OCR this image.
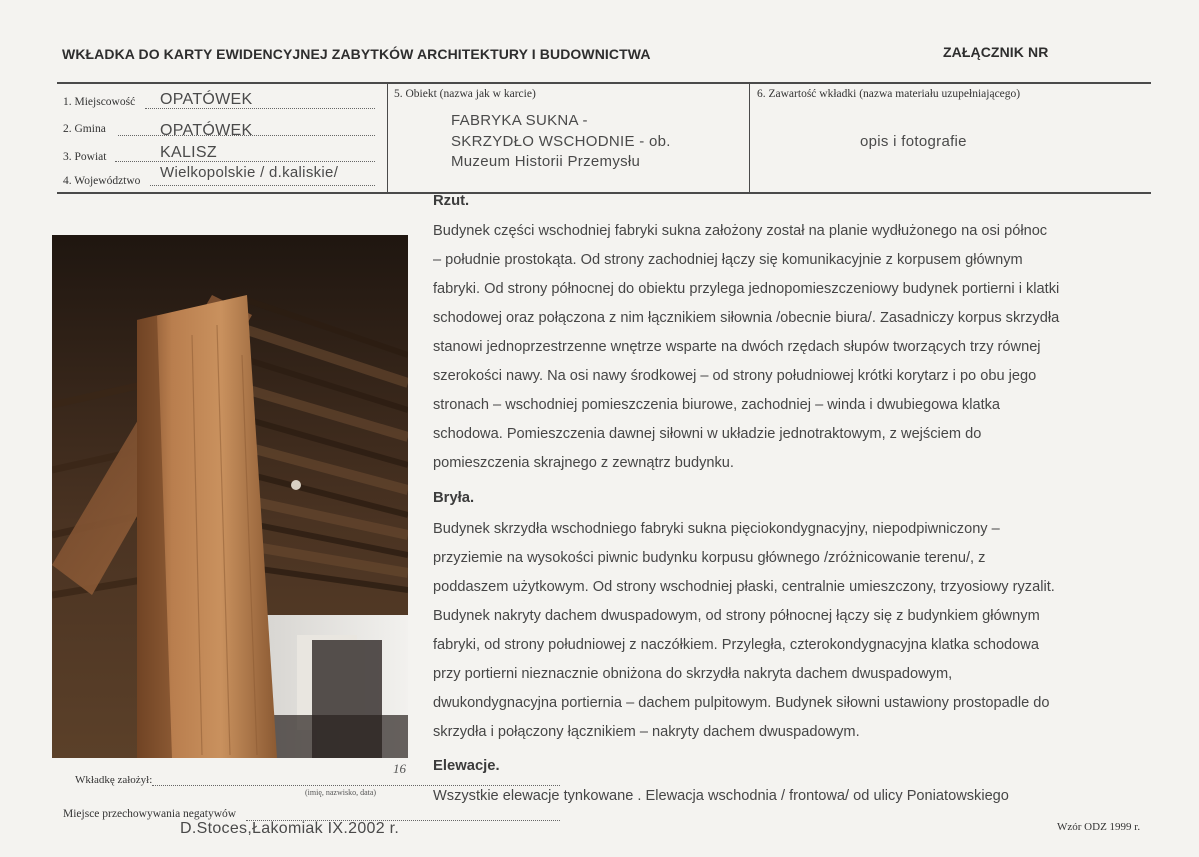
WKŁADKA DO KARTY EWIDENCYJNEJ ZABYTKÓW ARCHITEKTURY I BUDOWNICTWA	ZAŁĄCZNIK NR
1. Miejscowość OPATÓWEK
2. Gmina	OPATÓWEK
3. Powiat	KALISZ
4. Województwo Wielkopolskie / d.kaliskie/
5. Obiekt (nazwa jak w karcie)
FABRYKA SUKNA -
SKRZYDŁO WSCHODNIE - ob.
Muzeum Historii Przemysłu
6. Zawartość wkładki (nazwa materiału uzupełniającego)
opis i fotografie
Rzut.

Budynek części wschodniej fabryki sukna założony został na planie wydłużonego na osi północ

– południe prostokąta. Od strony zachodniej łączy się komunikacyjnie z korpusem głównym

fabryki. Od strony północnej do obiektu przylega jednopomieszczeniowy budynek portierni i klatki

schodowej oraz połączona z nim łącznikiem siłownia /obecnie biura/. Zasadniczy korpus skrzydła

stanowi jednoprzestrzenne wnętrze wsparte na dwóch rzędach słupów tworzących trzy równej

szerokości nawy. Na osi nawy środkowej – od strony południowej krótki korytarz i po obu jego

stronach – wschodniej pomieszczenia biurowe, zachodniej – winda i dwubiegowa klatka

schodowa. Pomieszczenia dawnej siłowni w układzie jednotraktowym, z wejściem do

pomieszczenia skrajnego z zewnątrz budynku.

Bryła.

Budynek skrzydła wschodniego fabryki sukna pięciokondygnacyjny, niepodpiwniczony –

przyziemie na wysokości piwnic budynku korpusu głównego /zróżnicowanie terenu/, z

poddaszem użytkowym. Od strony wschodniej płaski, centralnie umieszczony, trzyosiowy ryzalit.

Budynek nakryty dachem dwuspadowym, od strony północnej łączy się z budynkiem głównym

fabryki, od strony południowej z naczółkiem. Przyległa, czterokondygnacyjna klatka schodowa

przy portierni nieznacznie obniżona do skrzydła nakryta dachem dwuspadowym,

dwukondygnacyjna portiernia – dachem pulpitowym. Budynek siłowni ustawiony prostopadle do

skrzydła i połączony łącznikiem – nakryty dachem dwuspadowym.

Elewacje.
Wszystkie elewacje tynkowane . Elewacja wschodnia / frontowa/ od ulicy Poniatowskiego
Wkładkę założył:
16
(imię, nazwisko, data)
Miejsce przechowywania negatywów
D.Stoces,Łakomiak IX.2002 r.	Wzór ODZ 1999 r.
